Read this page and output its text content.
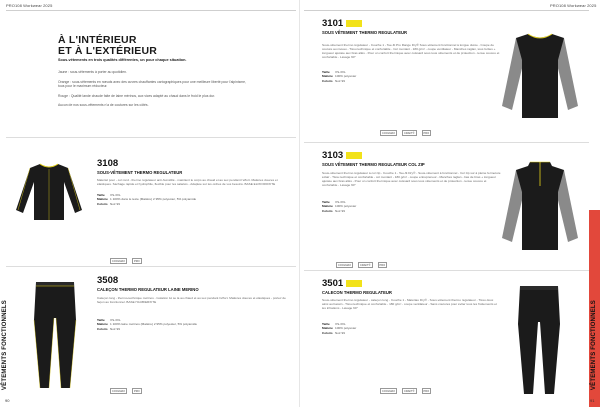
PRO108 Workwear 2025
À L'INTÉRIEUR
ET À L'EXTÉRIEUR
Sous-vêtements en trois qualités différentes, un pour chaque situation.
Jaune : sous-vêtements à porter au quotidien.
Orange : sous-vêtements en nœuds avec des cuvres chauffantes cartographiques pour une meilleure liberté pour l'alpinisme, tous pour le maximum réducteur.
Rouge : Qualité lande chaude faite de laine mérinos, aux vices adapté au chaud dans le froid le plus dur.
Aucun de nos sous-vêtements n'a de coutures sur les côtés.
3108
SOUS-VÊTEMENT THERMO REGULATEUR
Matériel pour - col rond - thermo régulateur anti-humidité - maintient le corps au chaud et au sec pendant l'effort. Matières douces et élastiques. Séchage rapide et hydrophile, flexible pour les salariés - Adaptée sur les ordres de vos besoins. BASE ELIXIOROXITE
Taille XS-3XL
Matière 1 100% dans le texte (Matière) 2 95% polyester, 5% polyamide
Coloris Noir 99
COOLMAX	PRO
3508
CALEÇON THERMO REGULATEUR LAINE MERINO
Caleçon long - thermo-technique mérinos - Isolation lui se la au chaud et au sec pendant l'effort. Matières douces et élastiques - portez de façon au fonctionnel. BASE HAUBIERXITE
Taille XS-3XL
Matière 1 100% laine mérinos (Matière) 2 95% polyester, 5% polyamide
Coloris Noir 99
COOLMAX	PRO
VÊTEMENTS FONCTIONNELS
90
PRO108 Workwear 2025
3101
SOUS VÊTEMENT THERMO REGULATEUR
Sous-vêtement thermo régulateur - Couche 1 - Tee-fit Pro Range Dry® Sous-vêtement fonctionnel à longue durée - Coupe de couture au niveau - Tissu technique et confortable - Col montant - 180 g/m² - coupe ventilateur - Manches raglan, tous ferites + longueur ajustée aux bras allés - Pour un confort thermique avec cuissard sous tous vêtements et de protection - tenue coucou et confortable - Lavage 60°
Taille XS-3XL
Matière 100% polyester
Coloris Noir 99
COOLMAX	CRAFT®	PRO
3103
SOUS VÊTEMENT THERMO REGULATEUR COL ZIP
Sous-vêtement thermo régulateur à col zip - Couche 1 - Tee-fit Dry® - Sous-vêtement à fonctionnel - Col zip sur à pleine fermeture éclair - Tissu technique et confortable - col montant - 180 g/m² - coupe entrepreneur - Manches raglan - bas de bras + longueur ajustée aux bras allés - Pour un confort thermique avec cuissard sous tous vêtements et de protection - tenue coucou et confortable - Lavage 60°
Taille XS-3XL
Matière 100% polyester
Coloris Noir 99
COOLMAX	CRAFT®	PRO
3501
CALECON THERMO REGULATEUR
Sous-vêtement thermo régulateur - caleçon long - Couche 1 - Matériau Dry® - Sous-vêtement thermo régulateur - Tissu doux ainsi au bassin - Tissu technique et confortable - 180 g/m² - coupe ventilateur - Sans coutures pour éviter tous les frottements et les irritations - Lavage 60°
Taille XS-3XL
Matière 100% polyester
Coloris Noir 99
COOLMAX	CRAFT®	PRO
VÊTEMENTS FONCTIONNELS
91
